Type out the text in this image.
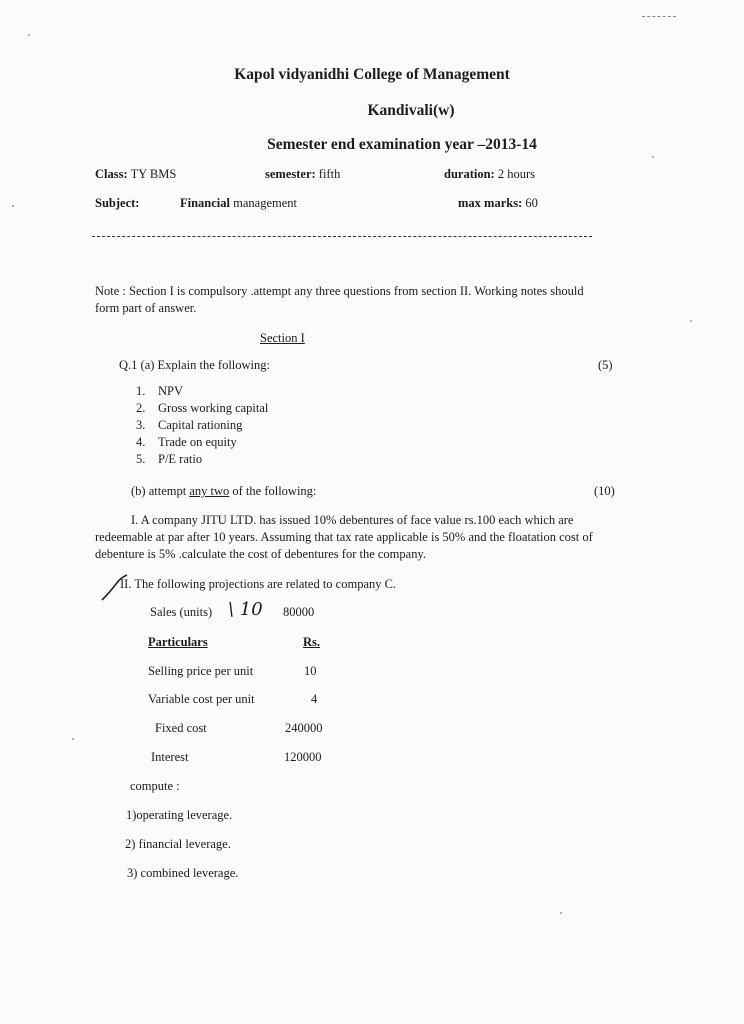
Kapol vidyanidhi College of Management
Kandivali(w)
Semester end examination year –2013-14
Class: TY BMS	semester: fifth	duration: 2 hours
Subject:	Financial management	max marks: 60
Note : Section I is compulsory .attempt any three questions from section II. Working notes should
form part of answer.
Section I
Q.1 (a) Explain the following:	(5)
1.	NPV
2.	Gross working capital
3.	Capital rationing
4.	Trade on equity
5.	P/E ratio
(b) attempt any two of the following:	(10)
I. A company JITU LTD. has issued 10% debentures of face value rs.100 each which are
redeemable at par after 10 years. Assuming that tax rate applicable is 50% and the floatation cost of
debenture is 5% .calculate the cost of debentures for the company.
II. The following projections are related to company C.
Sales (units) \ 10 80000
Particulars	Rs.
Selling price per unit	10
Variable cost per unit	4
Fixed cost	240000
Interest	120000
compute :
1)operating leverage.
2) financial leverage.
3) combined leverage.
